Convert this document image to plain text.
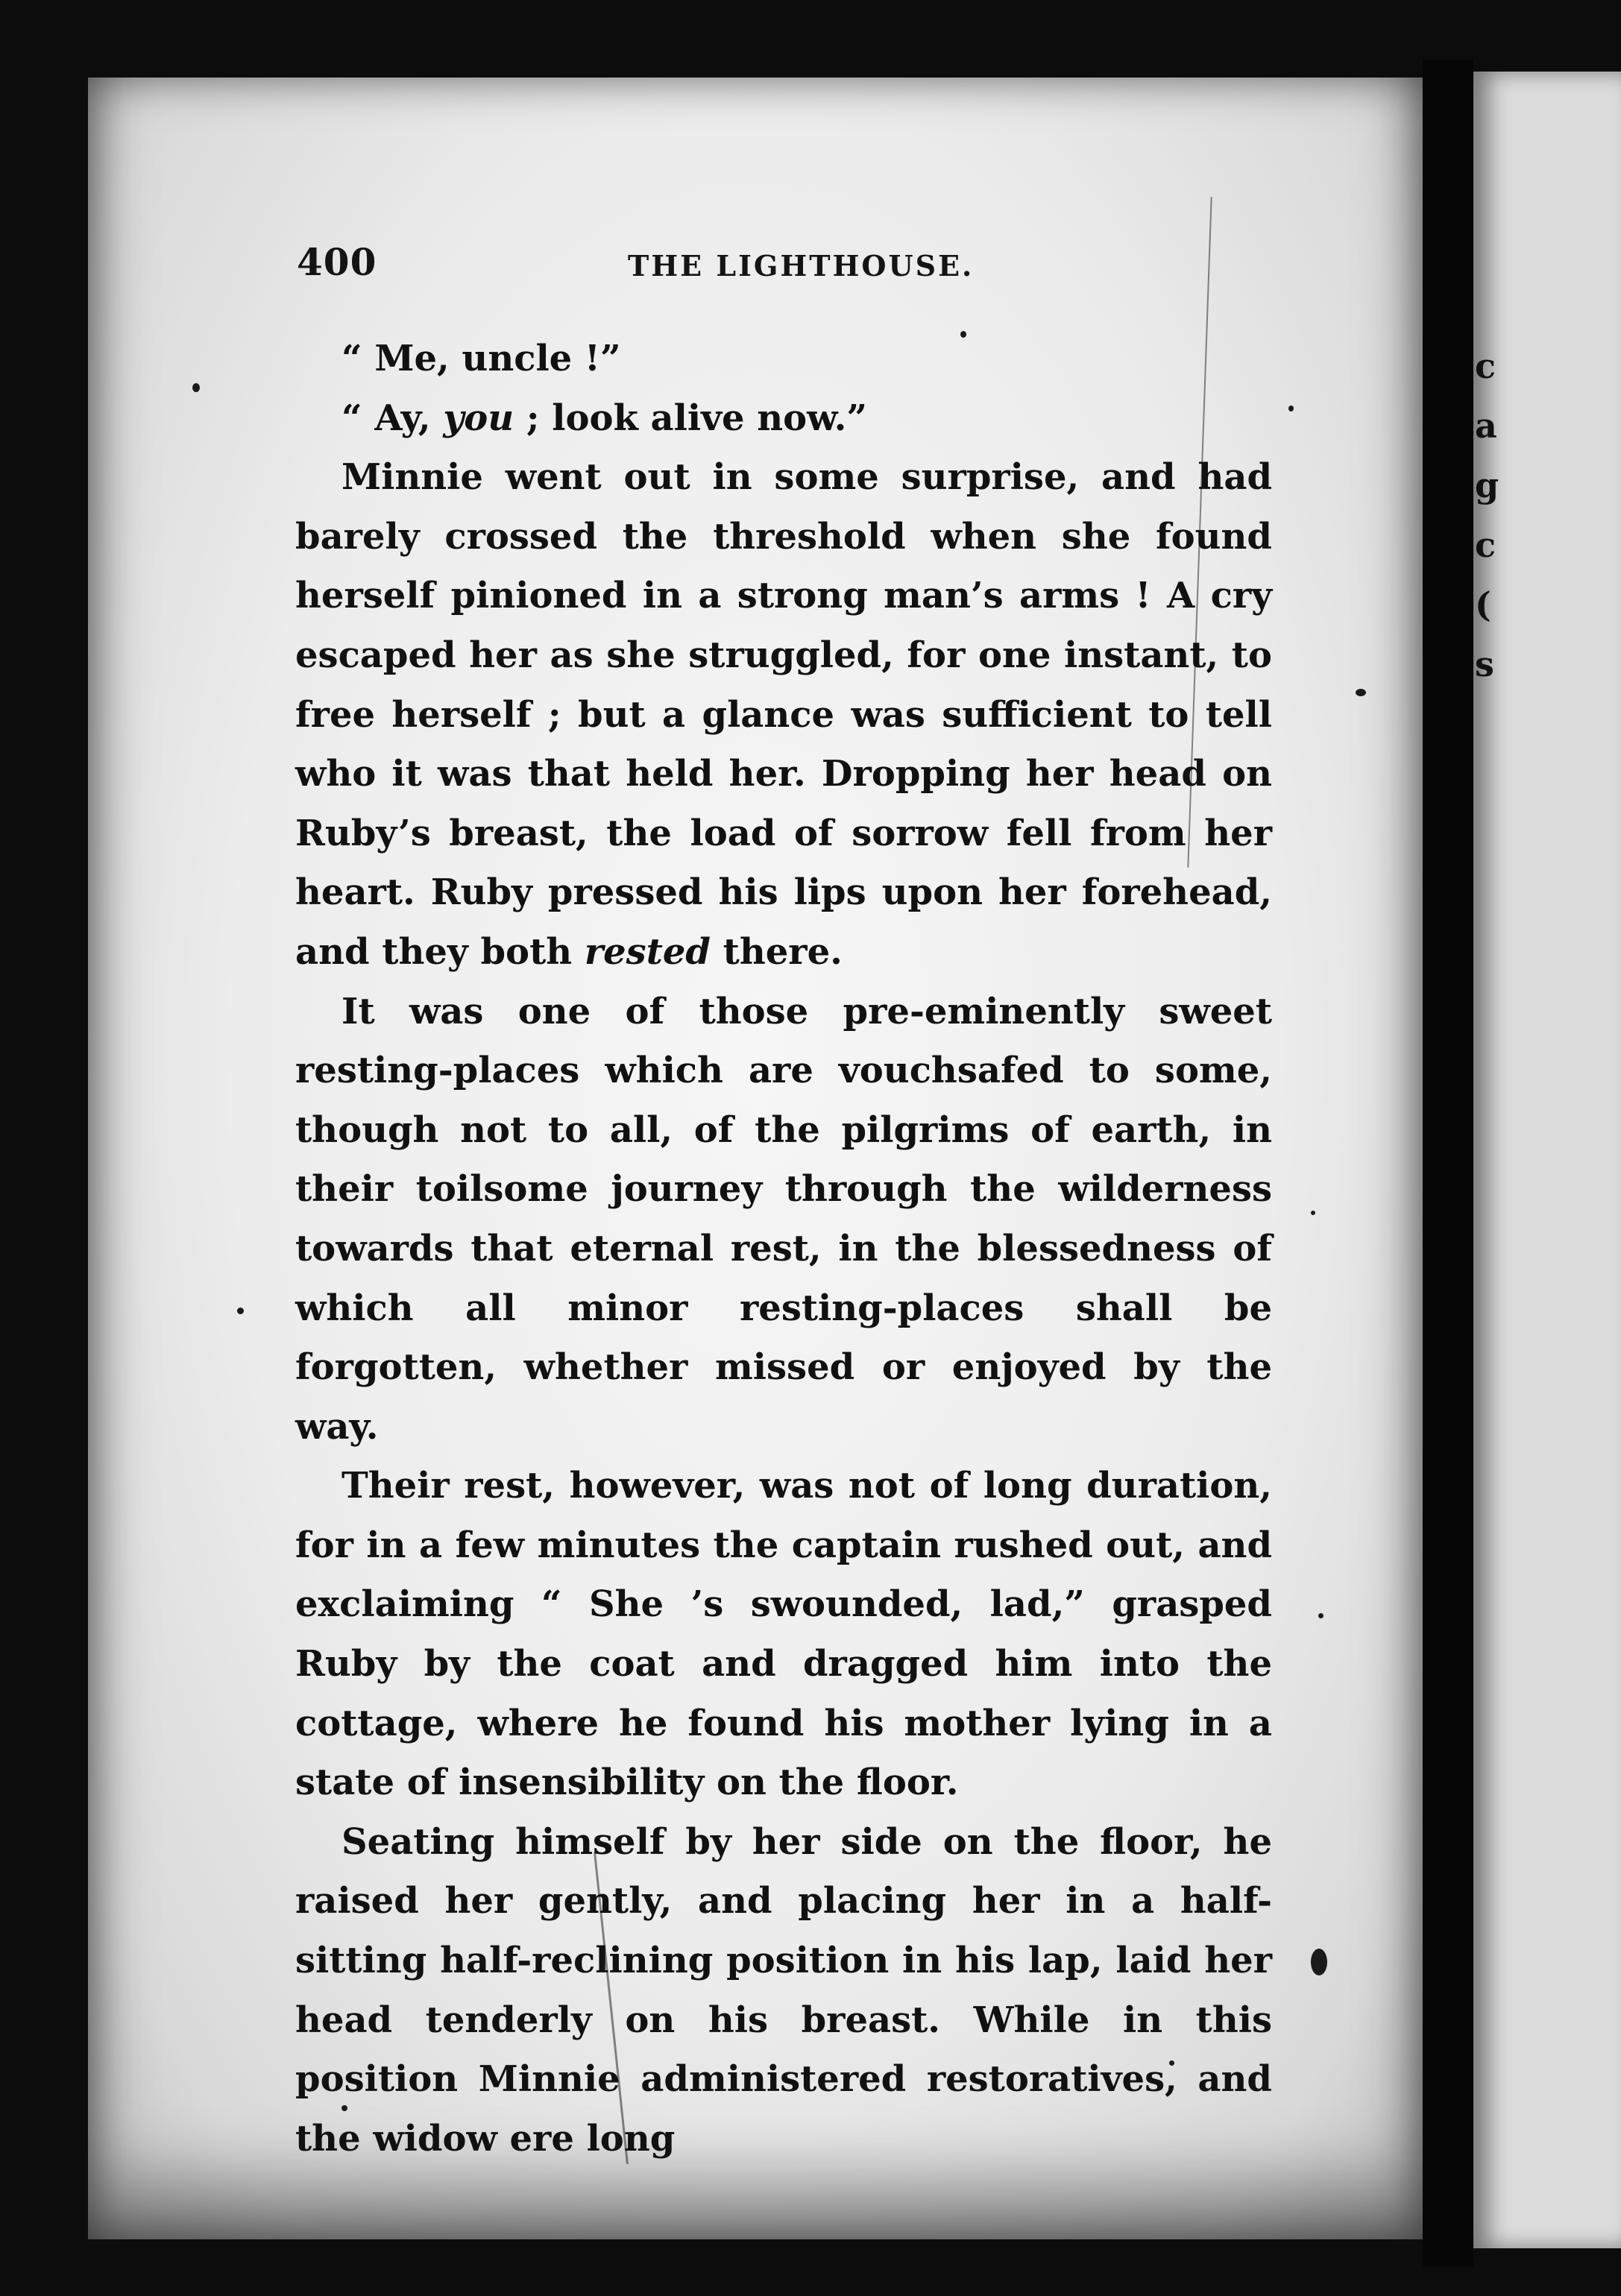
c
a
g
c
(
s
400	THE LIGHTHOUSE.

“ Me, uncle !”

“ Ay, you ; look alive now.”

Minnie went out in some surprise, and had barely crossed the threshold when she found herself pinioned in a strong man’s arms ! A cry escaped her as she struggled, for one instant, to free herself ; but a glance was sufficient to tell who it was that held her. Dropping her head on Ruby’s breast, the load of sorrow fell from her heart. Ruby pressed his lips upon her forehead, and they both rested there.

It was one of those pre-eminently sweet resting-places which are vouchsafed to some, though not to all, of the pilgrims of earth, in their toilsome journey through the wilderness towards that eternal rest, in the blessedness of which all minor resting-places shall be forgotten, whether missed or enjoyed by the way.

Their rest, however, was not of long duration, for in a few minutes the captain rushed out, and exclaiming “ She ’s swounded, lad,” grasped Ruby by the coat and dragged him into the cottage, where he found his mother lying in a state of insensibility on the floor.

Seating himself by her side on the floor, he raised her gently, and placing her in a half-sitting half-reclining position in his lap, laid her head tenderly on his breast. While in this position Minnie administered restoratives, and the widow ere long
